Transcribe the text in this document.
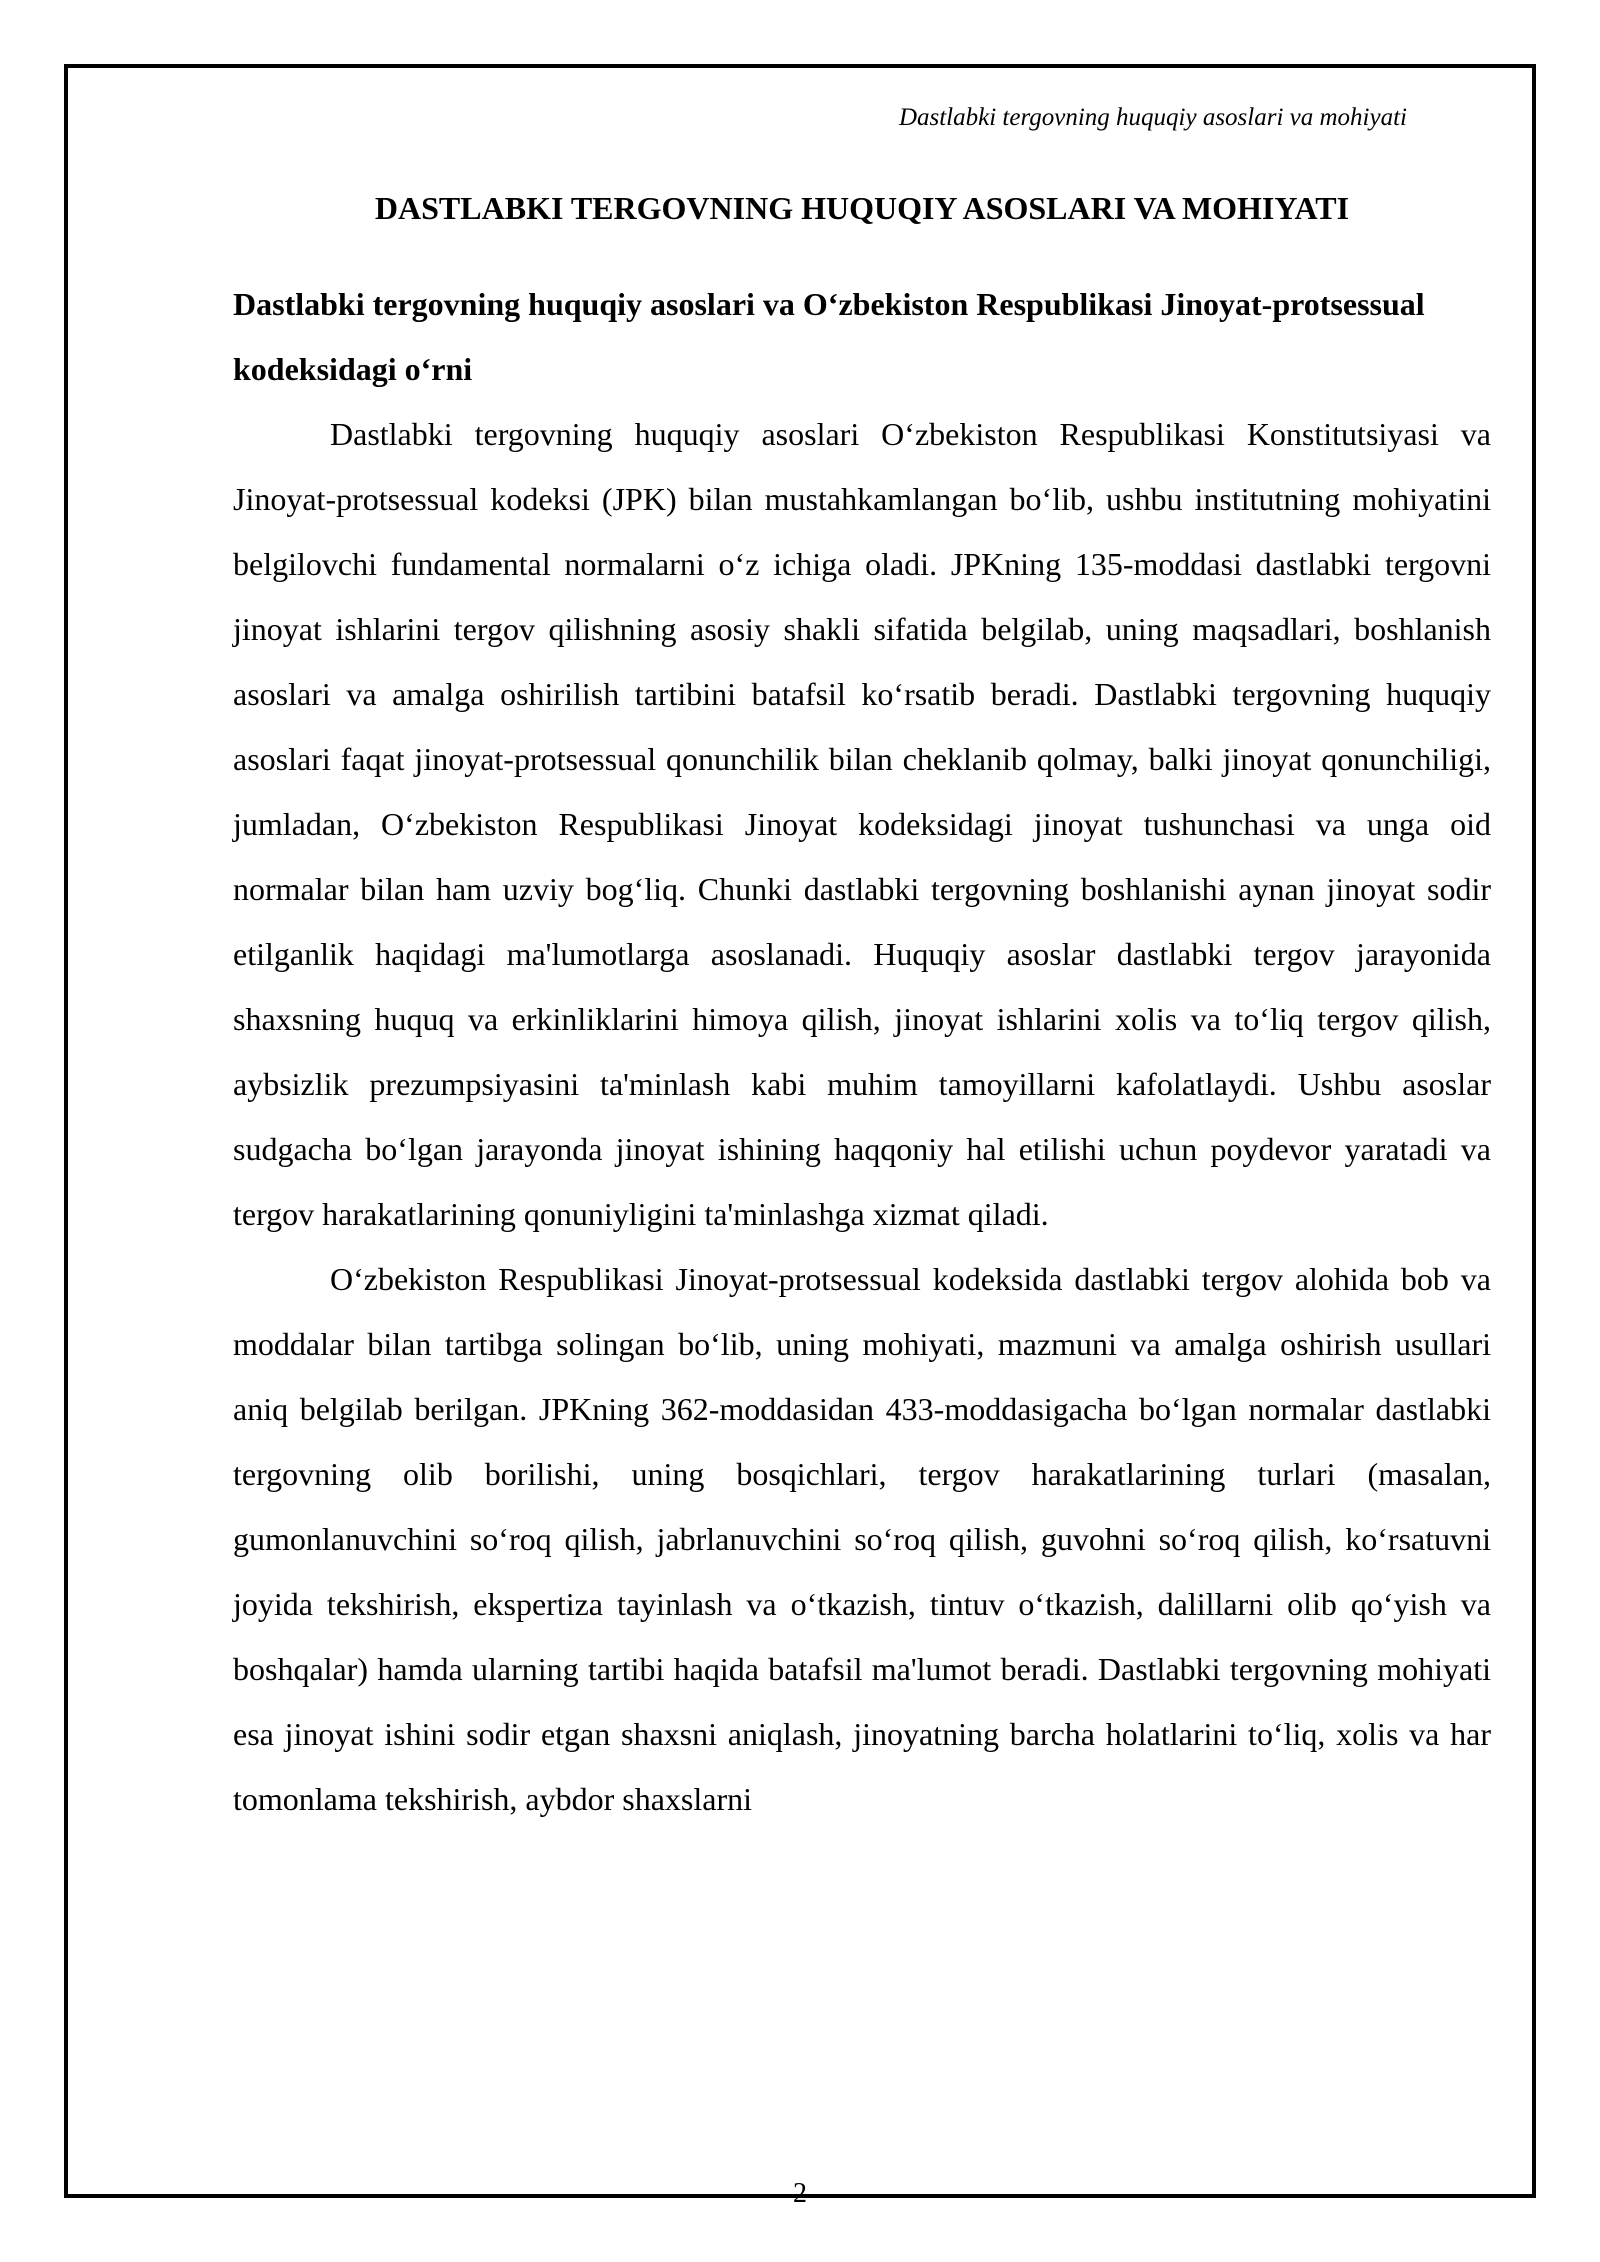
Dastlabki tergovning huquqiy asoslari va mohiyati
DASTLABKI TERGOVNING HUQUQIY ASOSLARI VA MOHIYATI
Dastlabki tergovning huquqiy asoslari va O‘zbekiston Respublikasi Jinoyat-protsessual kodeksidagi o‘rni

Dastlabki tergovning huquqiy asoslari O‘zbekiston Respublikasi Konstitutsiyasi va Jinoyat-protsessual kodeksi (JPK) bilan mustahkamlangan bo‘lib, ushbu institutning mohiyatini belgilovchi fundamental normalarni o‘z ichiga oladi. JPKning 135-moddasi dastlabki tergovni jinoyat ishlarini tergov qilishning asosiy shakli sifatida belgilab, uning maqsadlari, boshlanish asoslari va amalga oshirilish tartibini batafsil ko‘rsatib beradi. Dastlabki tergovning huquqiy asoslari faqat jinoyat-protsessual qonunchilik bilan cheklanib qolmay, balki jinoyat qonunchiligi, jumladan, O‘zbekiston Respublikasi Jinoyat kodeksidagi jinoyat tushunchasi va unga oid normalar bilan ham uzviy bog‘liq. Chunki dastlabki tergovning boshlanishi aynan jinoyat sodir etilganlik haqidagi ma'lumotlarga asoslanadi. Huquqiy asoslar dastlabki tergov jarayonida shaxsning huquq va erkinliklarini himoya qilish, jinoyat ishlarini xolis va to‘liq tergov qilish, aybsizlik prezumpsiyasini ta'minlash kabi muhim tamoyillarni kafolatlaydi. Ushbu asoslar sudgacha bo‘lgan jarayonda jinoyat ishining haqqoniy hal etilishi uchun poydevor yaratadi va tergov harakatlarining qonuniyligini ta'minlashga xizmat qiladi.

O‘zbekiston Respublikasi Jinoyat-protsessual kodeksida dastlabki tergov alohida bob va moddalar bilan tartibga solingan bo‘lib, uning mohiyati, mazmuni va amalga oshirish usullari aniq belgilab berilgan. JPKning 362-moddasidan 433-moddasigacha bo‘lgan normalar dastlabki tergovning olib borilishi, uning bosqichlari, tergov harakatlarining turlari (masalan, gumonlanuvchini so‘roq qilish, jabrlanuvchini so‘roq qilish, guvohni so‘roq qilish, ko‘rsatuvni joyida tekshirish, ekspertiza tayinlash va o‘tkazish, tintuv o‘tkazish, dalillarni olib qo‘yish va boshqalar) hamda ularning tartibi haqida batafsil ma'lumot beradi. Dastlabki tergovning mohiyati esa jinoyat ishini sodir etgan shaxsni aniqlash, jinoyatning barcha holatlarini to‘liq, xolis va har tomonlama tekshirish, aybdor shaxslarni

2
